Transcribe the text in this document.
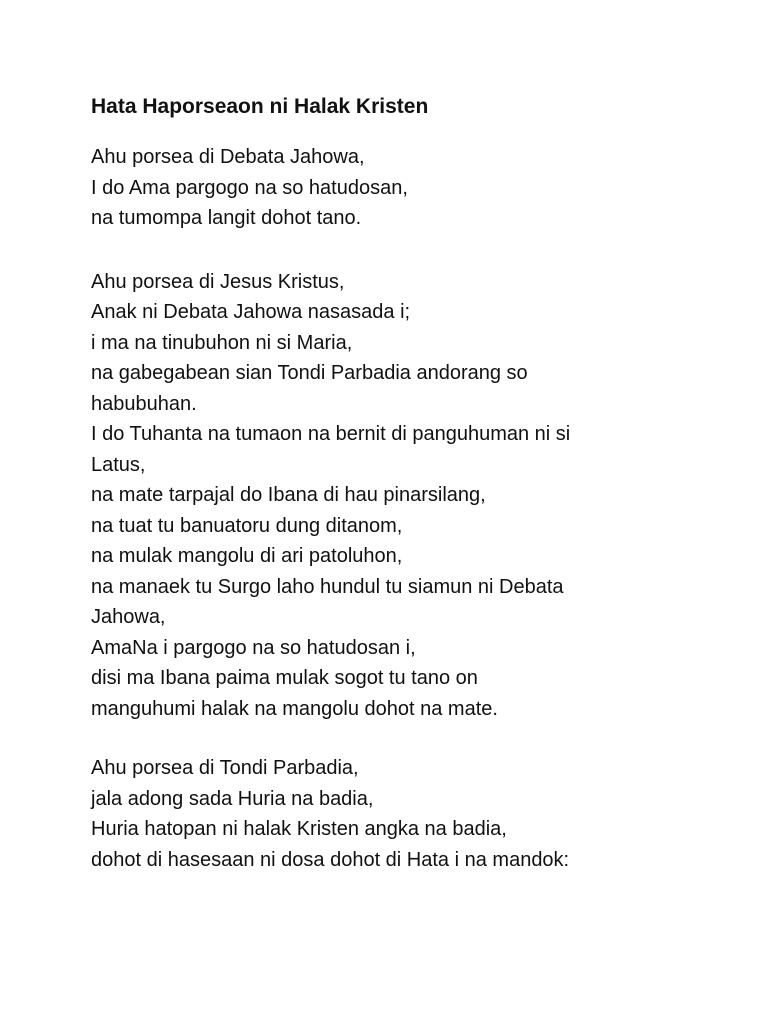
Hata Haporseaon ni Halak Kristen
Ahu porsea di Debata Jahowa,
I do Ama pargogo na so hatudosan,
na tumompa langit dohot tano.
Ahu porsea di Jesus Kristus,
Anak ni Debata Jahowa nasasada i;
i ma na tinubuhon ni si Maria,
na gabegabean sian Tondi Parbadia andorang so
habubuhan.
I do Tuhanta na tumaon na bernit di panguhuman ni si
Latus,
na mate tarpajal do Ibana di hau pinarsilang,
na tuat tu banuatoru dung ditanom,
na mulak mangolu di ari patoluhon,
na manaek tu Surgo laho hundul tu siamun ni Debata
Jahowa,
AmaNa i pargogo na so hatudosan i,
disi ma Ibana paima mulak sogot tu tano on
manguhumi halak na mangolu dohot na mate.
Ahu porsea di Tondi Parbadia,
jala adong sada Huria na badia,
Huria hatopan ni halak Kristen angka na badia,
dohot di hasesaan ni dosa dohot di Hata i na mandok:
